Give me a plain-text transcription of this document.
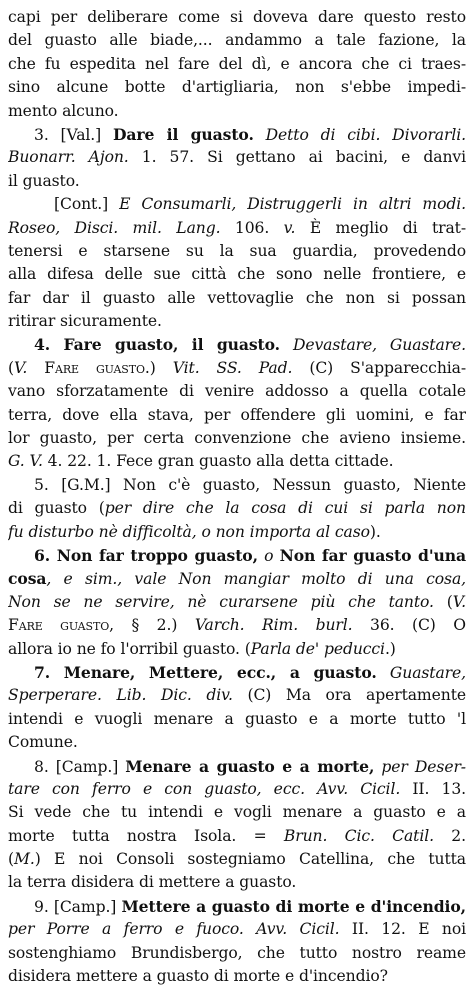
capi per deliberare come si doveva dare questo resto
del guasto alle biade,... andammo a tale fazione, la
che fu espedita nel fare del dì, e ancora che ci traes-
sino alcune botte d'artigliaria, non s'ebbe impedi-
mento alcuno.
3. [Val.] Dare il guasto. Detto di cibi. Divorarli.
Buonarr. Ajon. 1. 57. Si gettano ai bacini, e danvi
il guasto.
[Cont.] E Consumarli, Distruggerli in altri modi.
Roseo, Disci. mil. Lang. 106. v. È meglio di trat-
tenersi e starsene su la sua guardia, provedendo
alla difesa delle sue città che sono nelle frontiere, e
far dar il guasto alle vettovaglie che non si possan
ritirar sicuramente.
4. Fare guasto, il guasto. Devastare, Guastare.
(V. Fare guasto.) Vit. SS. Pad. (C) S'apparecchia-
vano sforzatamente di venire addosso a quella cotale
terra, dove ella stava, per offendere gli uomini, e far
lor guasto, per certa convenzione che avieno insieme.
G. V. 4. 22. 1. Fece gran guasto alla detta cittade.
5. [G.M.] Non c'è guasto, Nessun guasto, Niente
di guasto (per dire che la cosa di cui si parla non
fu disturbo nè difficoltà, o non importa al caso).
6. Non far troppo guasto, o Non far guasto d'una
cosa, e sim., vale Non mangiar molto di una cosa,
Non se ne servire, nè curarsene più che tanto. (V.
Fare guasto, § 2.) Varch. Rim. burl. 36. (C) O
allora io ne fo l'orribil guasto. (Parla de' peducci.)
7. Menare, Mettere, ecc., a guasto. Guastare,
Sperperare. Lib. Dic. div. (C) Ma ora apertamente
intendi e vuogli menare a guasto e a morte tutto 'l
Comune.
8. [Camp.] Menare a guasto e a morte, per Deser-
tare con ferro e con guasto, ecc. Avv. Cicil. II. 13.
Si vede che tu intendi e vogli menare a guasto e a
morte tutta nostra Isola. = Brun. Cic. Catil. 2.
(M.) E noi Consoli sostegniamo Catellina, che tutta
la terra disidera di mettere a guasto.
9. [Camp.] Mettere a guasto di morte e d'incendio,
per Porre a ferro e fuoco. Avv. Cicil. II. 12. E noi
sostenghiamo Brundisbergo, che tutto nostro reame
disidera mettere a guasto di morte e d'incendio?
